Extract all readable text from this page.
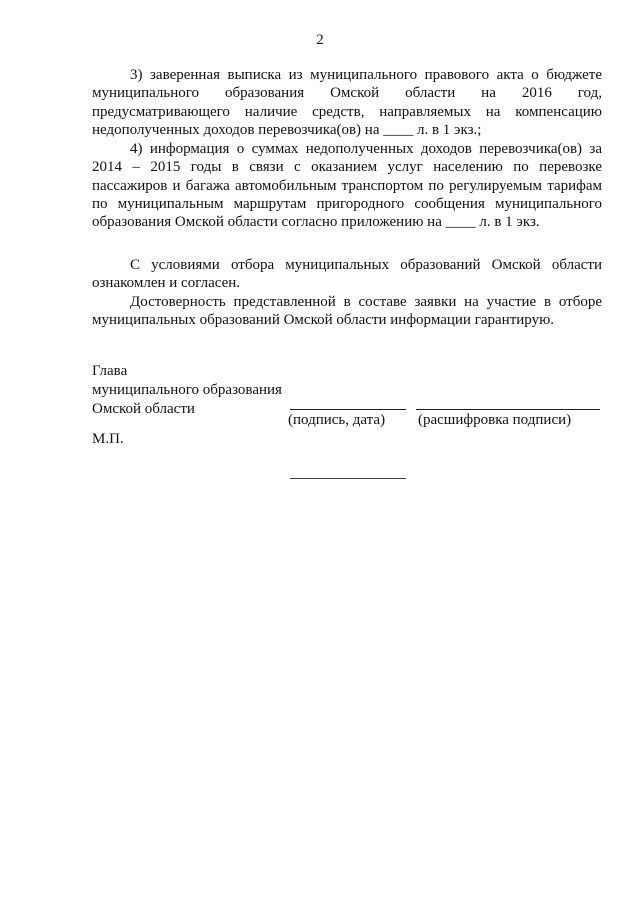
2

3) заверенная выписка из муниципального правового акта о бюджете муниципального образования Омской области на 2016 год, предусматривающего наличие средств, направляемых на компенсацию недополученных доходов перевозчика(ов) на ____ л. в 1 экз.;

4) информация о суммах недополученных доходов перевозчика(ов) за 2014 – 2015 годы в связи с оказанием услуг населению по перевозке пассажиров и багажа автомобильным транспортом по регулируемым тарифам по муниципальным маршрутам пригородного сообщения муниципального образования Омской области согласно приложению на ____ л. в 1 экз.

С условиями отбора муниципальных образований Омской области ознакомлен и согласен.

Достоверность представленной в составе заявки на участие в отборе муниципальных образований Омской области информации гарантирую.

Глава
муниципального образования
Омской области
(подпись, дата) (расшифровка подписи)
М.П.
